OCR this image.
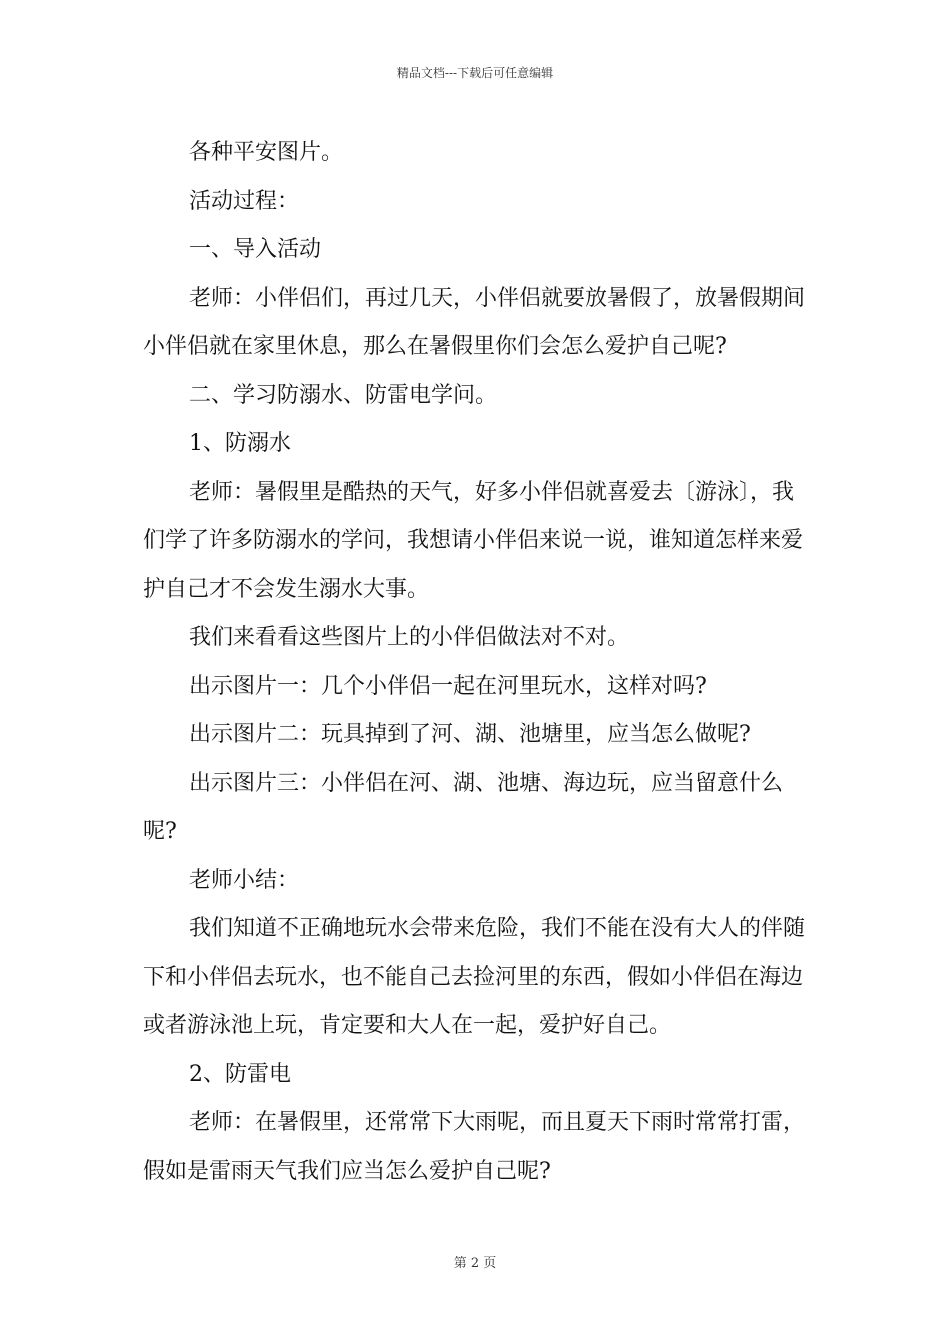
精品文档---下载后可任意编辑

各种平安图片。

活动过程：

一、导入活动

老师：小伴侣们，再过几天，小伴侣就要放暑假了，放暑假期间小伴侣就在家里休息，那么在暑假里你们会怎么爱护自己呢?

二、学习防溺水、防雷电学问。

1、防溺水

老师：暑假里是酷热的天气，好多小伴侣就喜爱去〔游泳〕，我们学了许多防溺水的学问，我想请小伴侣来说一说，谁知道怎样来爱护自己才不会发生溺水大事。

我们来看看这些图片上的小伴侣做法对不对。

出示图片一：几个小伴侣一起在河里玩水，这样对吗?

出示图片二：玩具掉到了河、湖、池塘里，应当怎么做呢?

出示图片三：小伴侣在河、湖、池塘、海边玩，应当留意什么呢?

老师小结：

我们知道不正确地玩水会带来危险，我们不能在没有大人的伴随下和小伴侣去玩水，也不能自己去捡河里的东西，假如小伴侣在海边或者游泳池上玩，肯定要和大人在一起，爱护好自己。

2、防雷电

老师：在暑假里，还常常下大雨呢，而且夏天下雨时常常打雷，假如是雷雨天气我们应当怎么爱护自己呢?

第 2 页
